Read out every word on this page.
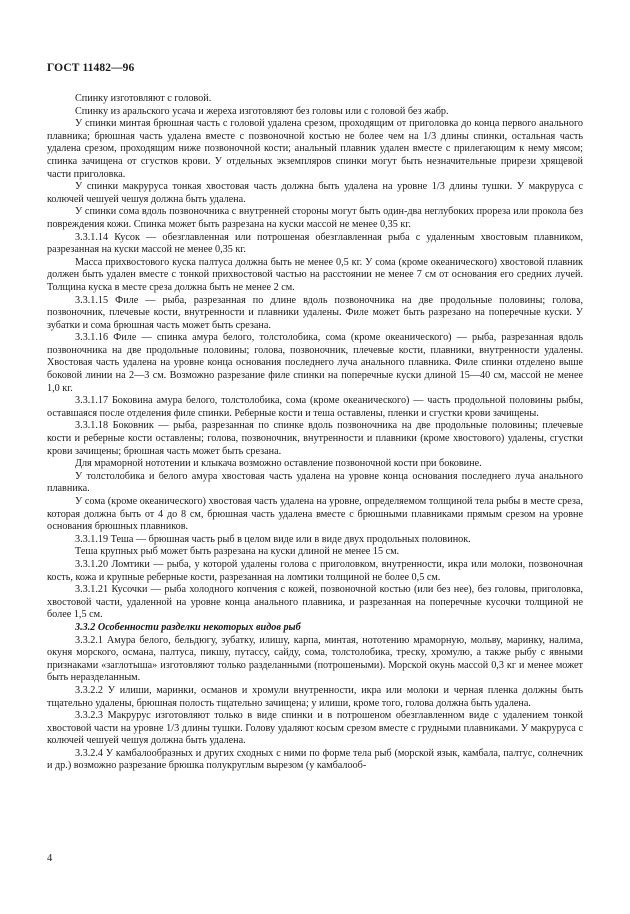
ГОСТ 11482—96

Спинку изготовляют с головой.

Спинку из аральского усача и жереха изготовляют без головы или с головой без жабр.

У спинки минтая брюшная часть с головой удалена срезом, проходящим от приголовка до конца первого анального плавника; брюшная часть удалена вместе с позвоночной костью не более чем на 1/3 длины спинки, остальная часть удалена срезом, проходящим ниже позвоночной кости; анальный плавник удален вместе с прилегающим к нему мясом; спинка зачищена от сгустков крови. У отдельных экземпляров спинки могут быть незначительные прирези хрящевой части приголовка.

У спинки макруруса тонкая хвостовая часть должна быть удалена на уровне 1/3 длины тушки. У макруруса с колючей чешуей чешуя должна быть удалена.

У спинки сома вдоль позвоночника с внутренней стороны могут быть один-два неглубоких прореза или прокола без повреждения кожи. Спинка может быть разрезана на куски массой не менее 0,35 кг.

3.3.1.14 Кусок — обезглавленная или потрошеная обезглавленная рыба с удаленным хвостовым плавником, разрезанная на куски массой не менее 0,35 кг.

Масса прихвостового куска палтуса должна быть не менее 0,5 кг. У сома (кроме океанического) хвостовой плавник должен быть удален вместе с тонкой прихвостовой частью на расстоянии не менее 7 см от основания его средних лучей. Толщина куска в месте среза должна быть не менее 2 см.

3.3.1.15 Филе — рыба, разрезанная по длине вдоль позвоночника на две продольные половины; голова, позвоночник, плечевые кости, внутренности и плавники удалены. Филе может быть разрезано на поперечные куски. У зубатки и сома брюшная часть может быть срезана.

3.3.1.16 Филе — спинка амура белого, толстолобика, сома (кроме океанического) — рыба, разрезанная вдоль позвоночника на две продольные половины; голова, позвоночник, плечевые кости, плавники, внутренности удалены. Хвостовая часть удалена на уровне конца основания последнего луча анального плавника. Филе спинки отделено выше боковой линии на 2—3 см. Возможно разрезание филе спинки на поперечные куски длиной 15—40 см, массой не менее 1,0 кг.

3.3.1.17 Боковина амура белого, толстолобика, сома (кроме океанического) — часть продольной половины рыбы, оставшаяся после отделения филе спинки. Реберные кости и теша оставлены, пленки и сгустки крови зачищены.

3.3.1.18 Боковник — рыба, разрезанная по спинке вдоль позвоночника на две продольные половины; плечевые кости и реберные кости оставлены; голова, позвоночник, внутренности и плавники (кроме хвостового) удалены, сгустки крови зачищены; брюшная часть может быть срезана.

Для мраморной нототении и клыкача возможно оставление позвоночной кости при боковине.

У толстолобика и белого амура хвостовая часть удалена на уровне конца основания последнего луча анального плавника.

У сома (кроме океанического) хвостовая часть удалена на уровне, определяемом толщиной тела рыбы в месте среза, которая должна быть от 4 до 8 см, брюшная часть удалена вместе с брюшными плавниками прямым срезом на уровне основания брюшных плавников.

3.3.1.19 Теша — брюшная часть рыб в целом виде или в виде двух продольных половинок.

Теша крупных рыб может быть разрезана на куски длиной не менее 15 см.

3.3.1.20 Ломтики — рыба, у которой удалены голова с приголовком, внутренности, икра или молоки, позвоночная кость, кожа и крупные реберные кости, разрезанная на ломтики толщиной не более 0,5 см.

3.3.1.21 Кусочки — рыба холодного копчения с кожей, позвоночной костью (или без нее), без головы, приголовка, хвостовой части, удаленной на уровне конца анального плавника, и разрезанная на поперечные кусочки толщиной не более 1,5 см.

3.3.2 Особенности разделки некоторых видов рыб

3.3.2.1 Амура белого, бельдюгу, зубатку, илишу, карпа, минтая, нототению мраморную, мольву, маринку, налима, окуня морского, османа, палтуса, пикшу, путассу, сайду, сома, толстолобика, треску, хромулю, а также рыбу с явными признаками «заглотыша» изготовляют только разделанными (потрошеными). Морской окунь массой 0,3 кг и менее может быть неразделанным.

3.3.2.2 У илиши, маринки, османов и хромули внутренности, икра или молоки и черная пленка должны быть тщательно удалены, брюшная полость тщательно зачищена; у илиши, кроме того, голова должна быть удалена.

3.3.2.3 Макрурус изготовляют только в виде спинки и в потрошеном обезглавленном виде с удалением тонкой хвостовой части на уровне 1/3 длины тушки. Голову удаляют косым срезом вместе с грудными плавниками. У макруруса с колючей чешуей чешуя должна быть удалена.

3.3.2.4 У камбалообразных и других сходных с ними по форме тела рыб (морской язык, камбала, палтус, солнечник и др.) возможно разрезание брюшка полукруглым вырезом (у камбалооб-

4
